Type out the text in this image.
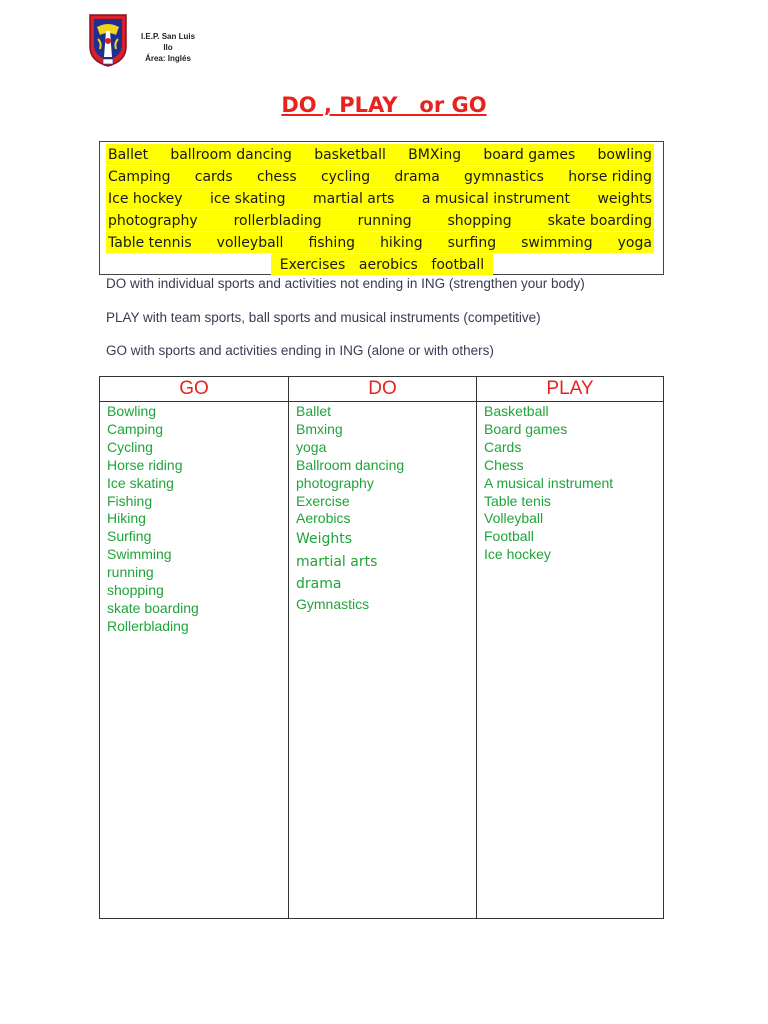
I.E.P. San Luis
Ilo
Área: Inglés
DO , PLAY   or GO
Ballet ballroom dancing basketball BMXing board games bowling
Camping cards chess cycling drama gymnastics horse riding
Ice hockey ice skating martial arts a musical instrument weights
photography	rollerblading	running	shopping	skate boarding
Table tennis volleyball fishing hiking surfing swimming yoga
Exercises aerobics football
DO with individual sports and activities not ending in ING (strengthen your body)
PLAY with team sports, ball sports and musical instruments (competitive)
GO with sports and activities ending in ING (alone or with others)
GO
Bowling
Camping
Cycling
Horse riding
Ice skating
Fishing
Hiking
Surfing
Swimming
running
shopping
skate boarding
Rollerblading
DO
Ballet
Bmxing
yoga
Ballroom dancing
photography
Exercise
Aerobics
Weights
martial arts
drama
Gymnastics
PLAY
Basketball
Board games
Cards
Chess
A musical instrument
Table tenis
Volleyball
Football
Ice hockey
